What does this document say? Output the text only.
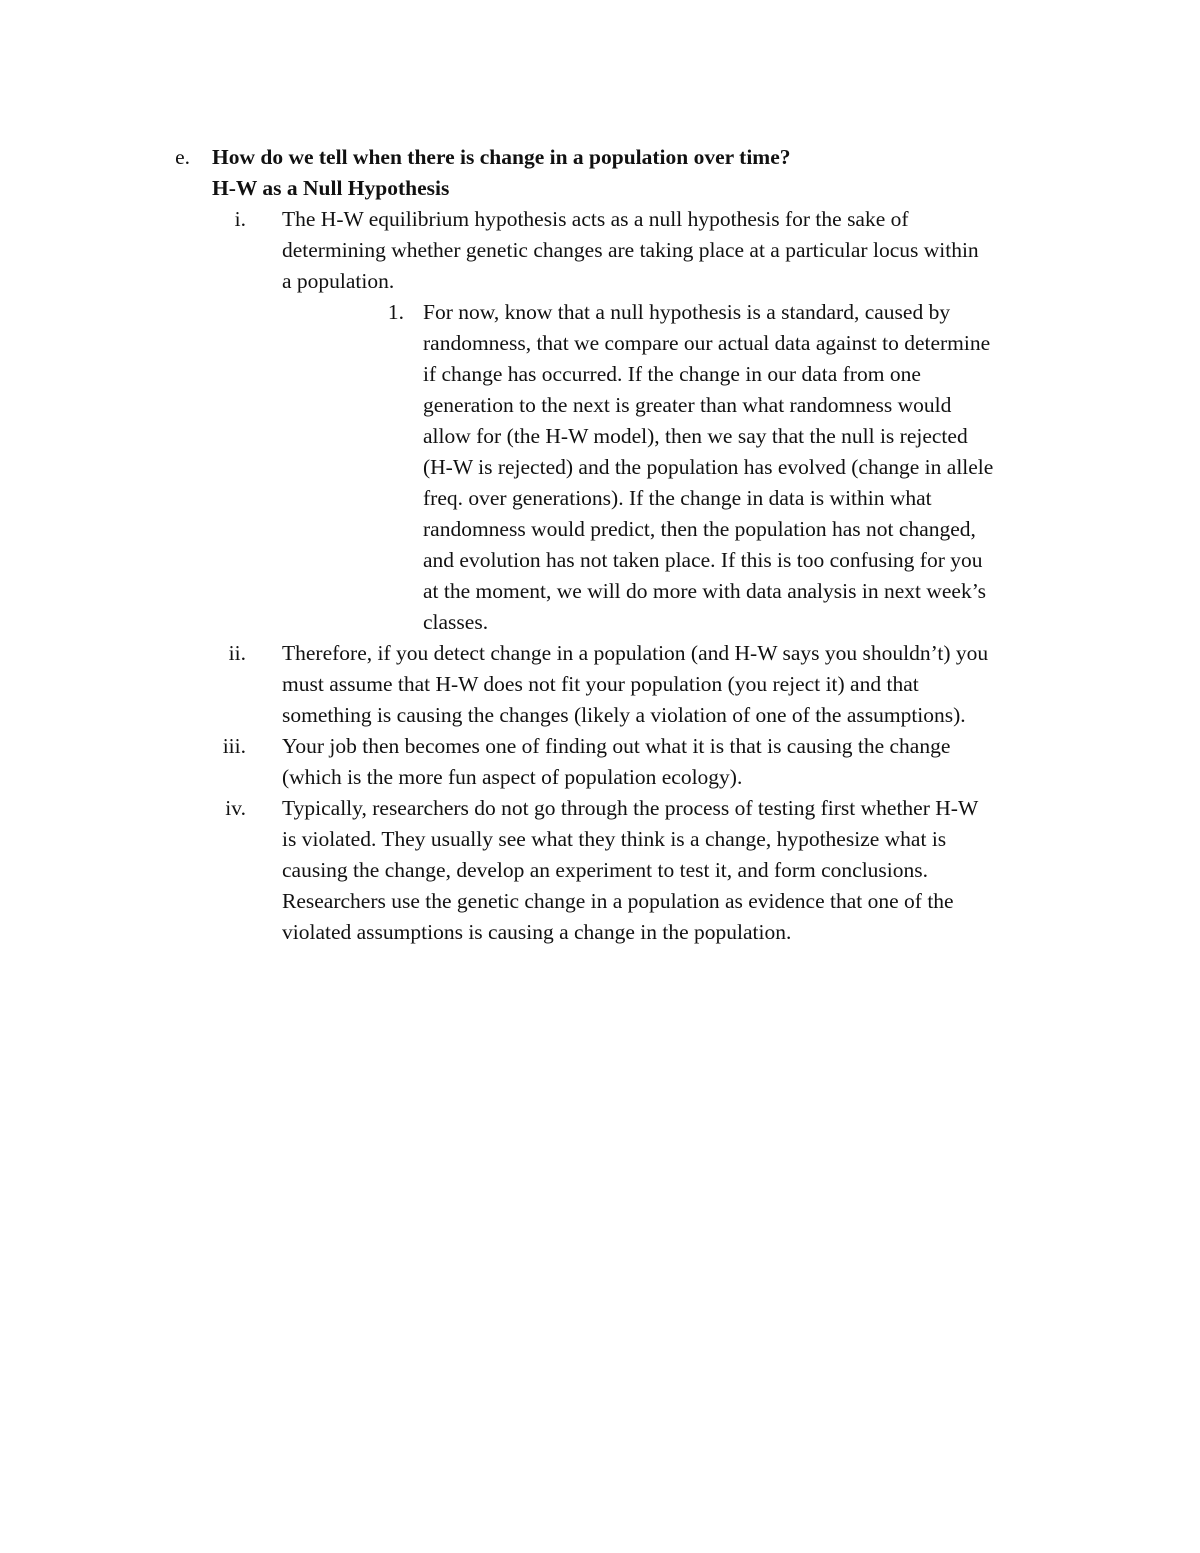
e. How do we tell when there is change in a population over time?
H-W as a Null Hypothesis
i. The H-W equilibrium hypothesis acts as a null hypothesis for the sake of
determining whether genetic changes are taking place at a particular locus within
a population.
1. For now, know that a null hypothesis is a standard, caused by
randomness, that we compare our actual data against to determine
if change has occurred. If the change in our data from one
generation to the next is greater than what randomness would
allow for (the H-W model), then we say that the null is rejected
(H-W is rejected) and the population has evolved (change in allele
freq. over generations). If the change in data is within what
randomness would predict, then the population has not changed,
and evolution has not taken place. If this is too confusing for you
at the moment, we will do more with data analysis in next week’s
classes.
ii. Therefore, if you detect change in a population (and H-W says you shouldn’t) you
must assume that H-W does not fit your population (you reject it) and that
something is causing the changes (likely a violation of one of the assumptions).
iii. Your job then becomes one of finding out what it is that is causing the change
(which is the more fun aspect of population ecology).
iv. Typically, researchers do not go through the process of testing first whether H-W
is violated. They usually see what they think is a change, hypothesize what is
causing the change, develop an experiment to test it, and form conclusions.
Researchers use the genetic change in a population as evidence that one of the
violated assumptions is causing a change in the population.
